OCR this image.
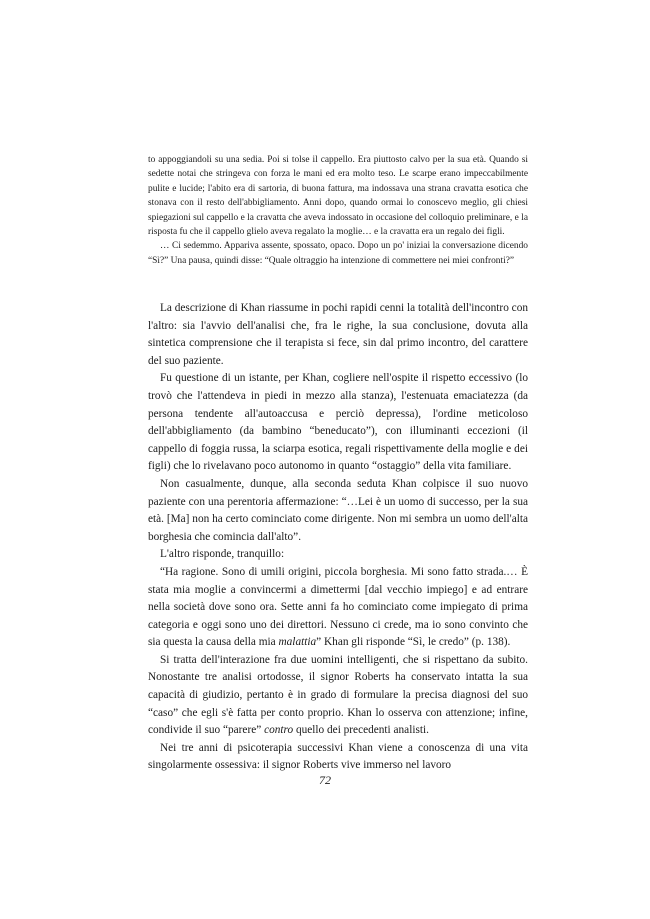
to appoggiandoli su una sedia. Poi si tolse il cappello. Era piuttosto calvo per la sua età. Quando si sedette notai che stringeva con forza le mani ed era molto teso. Le scarpe erano impeccabilmente pulite e lucide; l'abito era di sartoria, di buona fattura, ma indossava una strana cravatta esotica che stonava con il resto dell'abbigliamento. Anni dopo, quando ormai lo conoscevo meglio, gli chiesi spiegazioni sul cappello e la cravatta che aveva indossato in occasione del colloquio preliminare, e la risposta fu che il cappello glielo aveva regalato la moglie… e la cravatta era un regalo dei figli.

… Ci sedemmo. Appariva assente, spossato, opaco. Dopo un po' iniziai la conversazione dicendo “Sì?” Una pausa, quindi disse: “Quale oltraggio ha intenzione di commettere nei miei confronti?”

La descrizione di Khan riassume in pochi rapidi cenni la totalità dell'incontro con l'altro: sia l'avvio dell'analisi che, fra le righe, la sua conclusione, dovuta alla sintetica comprensione che il terapista si fece, sin dal primo incontro, del carattere del suo paziente.

Fu questione di un istante, per Khan, cogliere nell'ospite il rispetto eccessivo (lo trovò che l'attendeva in piedi in mezzo alla stanza), l'estenuata emaciatezza (da persona tendente all'autoaccusa e perciò depressa), l'ordine meticoloso dell'abbigliamento (da bambino “beneducato”), con illuminanti eccezioni (il cappello di foggia russa, la sciarpa esotica, regali rispettivamente della moglie e dei figli) che lo rivelavano poco autonomo in quanto “ostaggio” della vita familiare.

Non casualmente, dunque, alla seconda seduta Khan colpisce il suo nuovo paziente con una perentoria affermazione: “…Lei è un uomo di successo, per la sua età. [Ma] non ha certo cominciato come dirigente. Non mi sembra un uomo dell'alta borghesia che comincia dall'alto”.

L'altro risponde, tranquillo:

“Ha ragione. Sono di umili origini, piccola borghesia. Mi sono fatto strada.… È stata mia moglie a convincermi a dimettermi [dal vecchio impiego] e ad entrare nella società dove sono ora. Sette anni fa ho cominciato come impiegato di prima categoria e oggi sono uno dei direttori. Nessuno ci crede, ma io sono convinto che sia questa la causa della mia malattia” Khan gli risponde “Sì, le credo” (p. 138).

Si tratta dell'interazione fra due uomini intelligenti, che si rispettano da subito. Nonostante tre analisi ortodosse, il signor Roberts ha conservato intatta la sua capacità di giudizio, pertanto è in grado di formulare la precisa diagnosi del suo “caso” che egli s'è fatta per conto proprio. Khan lo osserva con attenzione; infine, condivide il suo “parere” contro quello dei precedenti analisti.

Nei tre anni di psicoterapia successivi Khan viene a conoscenza di una vita singolarmente ossessiva: il signor Roberts vive immerso nel lavoro

72
